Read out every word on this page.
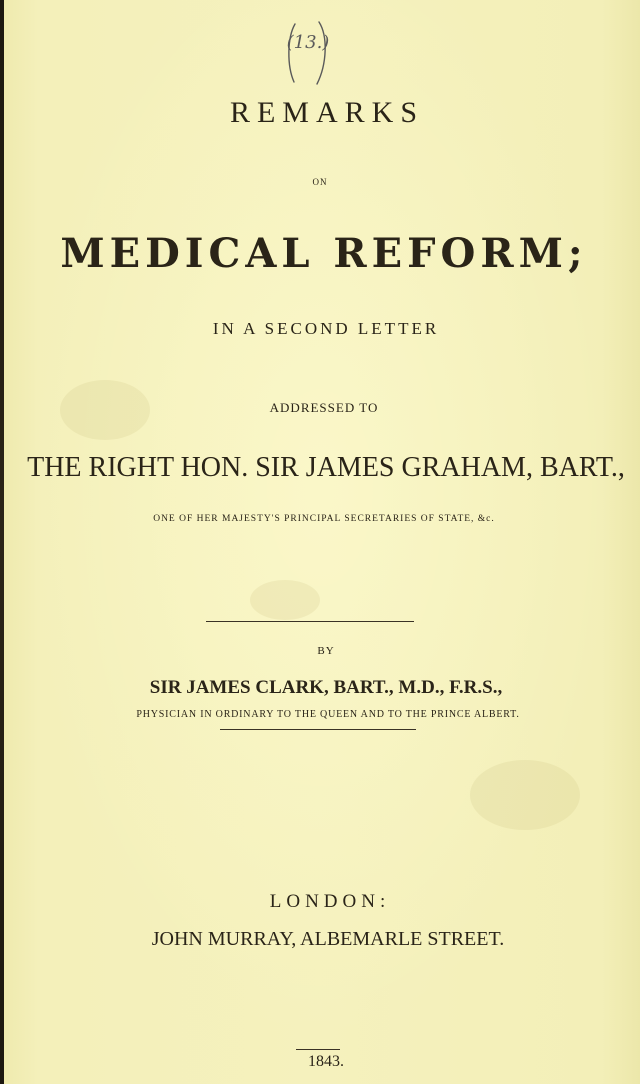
(13.)
REMARKS
ON
MEDICAL REFORM;
IN A SECOND LETTER
ADDRESSED TO
THE RIGHT HON. SIR JAMES GRAHAM, BART.,
ONE OF HER MAJESTY'S PRINCIPAL SECRETARIES OF STATE, &c.
BY
SIR JAMES CLARK, BART., M.D., F.R.S.,
PHYSICIAN IN ORDINARY TO THE QUEEN AND TO THE PRINCE ALBERT.
LONDON:
JOHN MURRAY, ALBEMARLE STREET.
1843.
